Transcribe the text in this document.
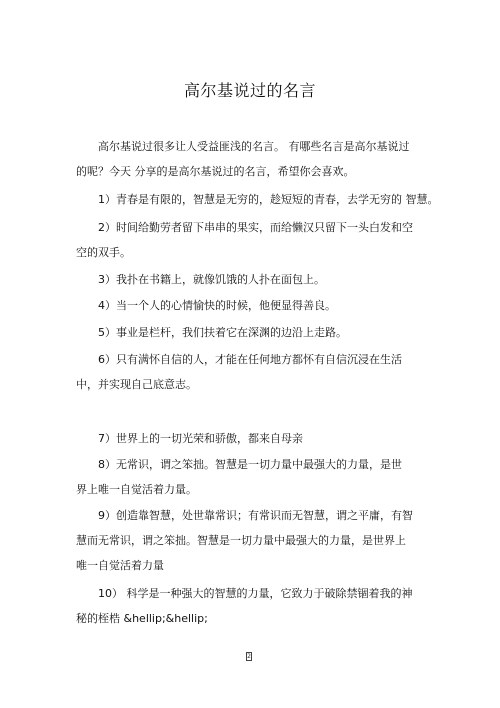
高尔基说过的名言
高尔基说过很多让人受益匪浅的名言。 有哪些名言是高尔基说过
的呢？今天 分享的是高尔基说过的名言，希望你会喜欢。
1）青春是有限的，智慧是无穷的，趁短短的青春，去学无穷的 智慧。
2）时间给勤劳者留下串串的果实，而给懒汉只留下一头白发和空
空的双手。
3）我扑在书籍上，就像饥饿的人扑在面包上。
4）当一个人的心情愉快的时候，他便显得善良。
5）事业是栏杆，我们扶着它在深渊的边沿上走路。
6）只有满怀自信的人，才能在任何地方都怀有自信沉浸在生活
中，并实现自己底意志。
7）世界上的一切光荣和骄傲，都来自母亲
8）无常识，谓之笨拙。智慧是一切力量中最强大的力量，是世
界上唯一自觉活着力量。
9）创造靠智慧，处世靠常识；有常识而无智慧，谓之平庸，有智
慧而无常识，谓之笨拙。智慧是一切力量中最强大的力量，是世界上
唯一自觉活着力量
10） 科学是一种强大的智慧的力量，它致力于破除禁锢着我的神
秘的桎梏 &hellip;&hellip;
2
